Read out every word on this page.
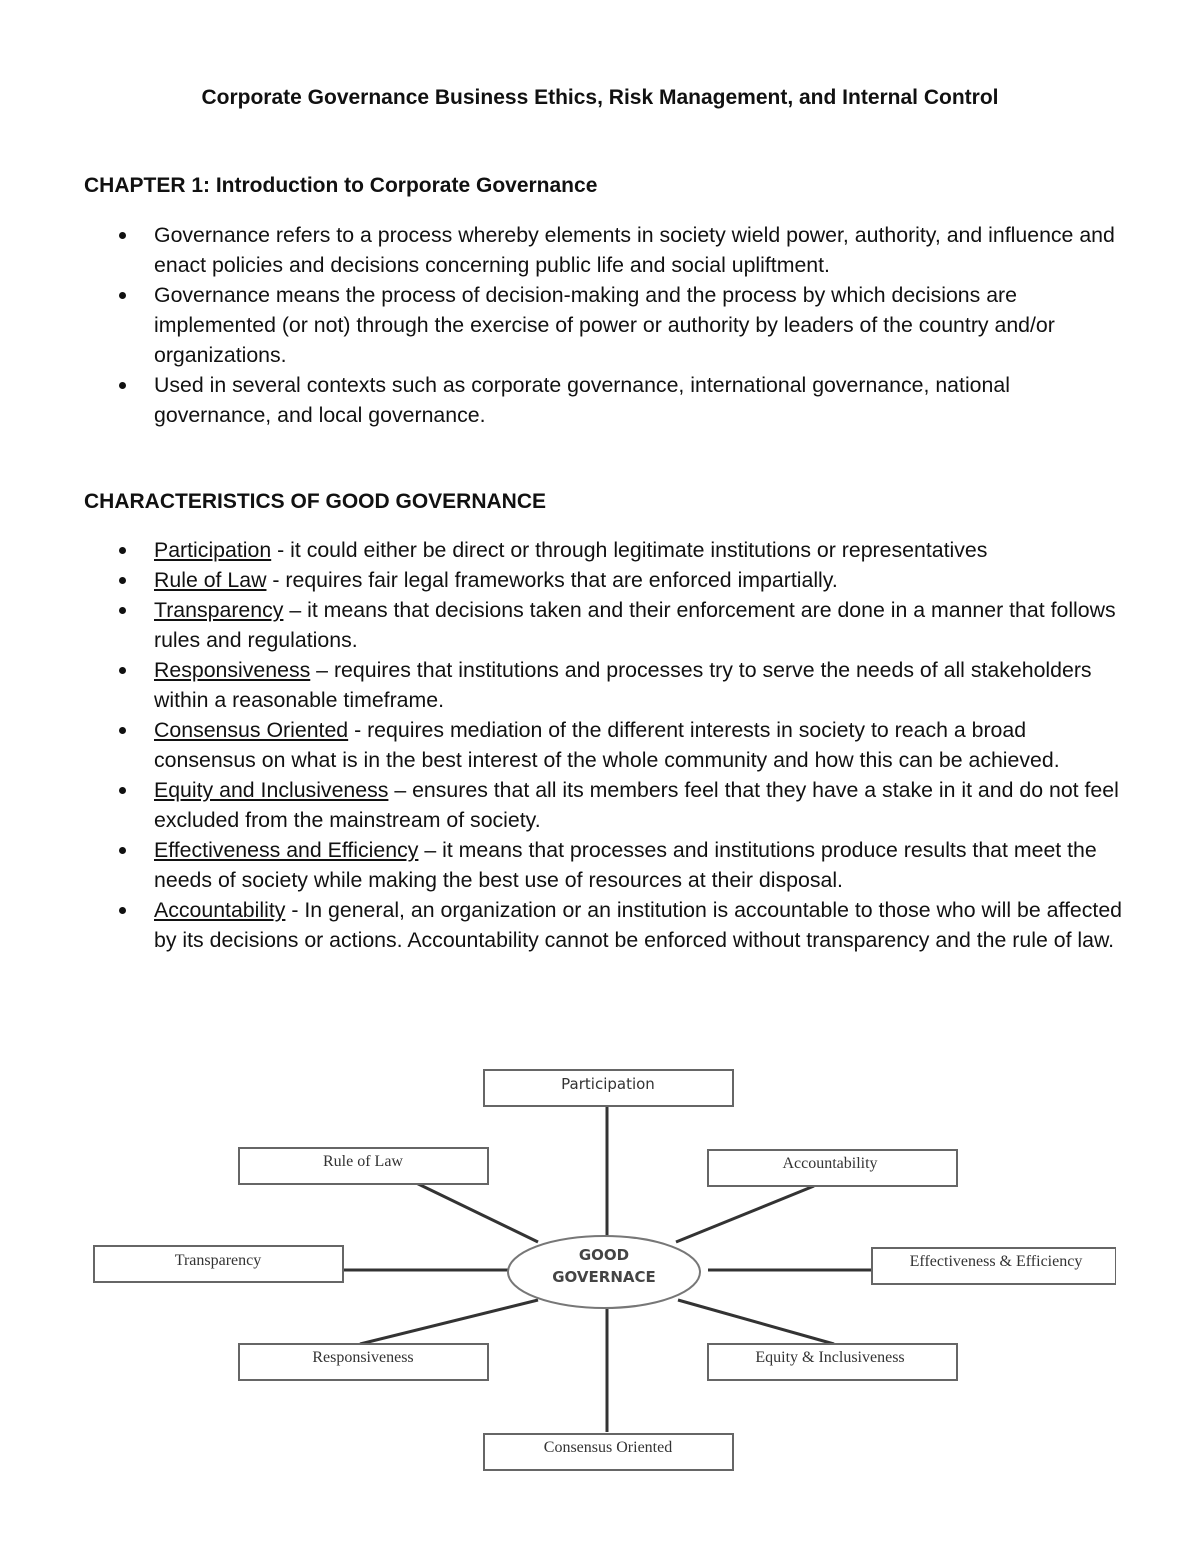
Corporate Governance Business Ethics, Risk Management, and Internal Control
CHAPTER 1: Introduction to Corporate Governance
Governance refers to a process whereby elements in society wield power, authority, and influence and enact policies and decisions concerning public life and social upliftment.
Governance means the process of decision-making and the process by which decisions are implemented (or not) through the exercise of power or authority by leaders of the country and/or organizations.
Used in several contexts such as corporate governance, international governance, national governance, and local governance.
CHARACTERISTICS OF GOOD GOVERNANCE
Participation - it could either be direct or through legitimate institutions or representatives
Rule of Law - requires fair legal frameworks that are enforced impartially.
Transparency – it means that decisions taken and their enforcement are done in a manner that follows rules and regulations.
Responsiveness – requires that institutions and processes try to serve the needs of all stakeholders within a reasonable timeframe.
Consensus Oriented - requires mediation of the different interests in society to reach a broad consensus on what is in the best interest of the whole community and how this can be achieved.
Equity and Inclusiveness – ensures that all its members feel that they have a stake in it and do not feel excluded from the mainstream of society.
Effectiveness and Efficiency – it means that processes and institutions produce results that meet the needs of society while making the best use of resources at their disposal.
Accountability - In general, an organization or an institution is accountable to those who will be affected by its decisions or actions. Accountability cannot be enforced without transparency and the rule of law.
GOOD
GOVERNACE
Participation
Rule of Law	Accountability
Transparency	Effectiveness & Efficiency
Responsiveness	Equity & Inclusiveness
Consensus Oriented
